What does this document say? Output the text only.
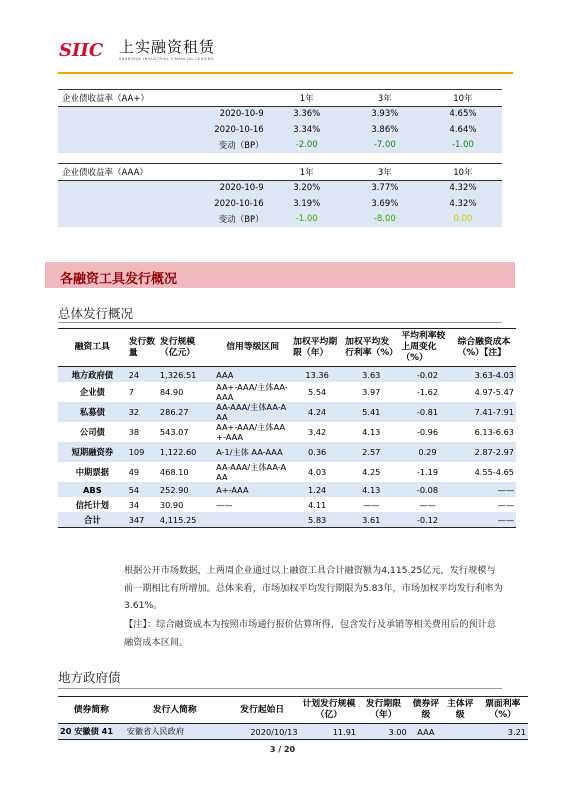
SIIC 上实融资租赁
SHANGHAI INDUSTRIAL FINANCIAL LEASING
企业债收益率（AA+）	1年	3年	10年
2020-10-9	3.36%	3.93%	4.65%
2020-10-16	3.34%	3.86%	4.64%
变动（BP）	-2.00	-7.00	-1.00
企业债收益率（AAA）	1年	3年	10年
2020-10-9	3.20%	3.77%	4.32%
2020-10-16	3.19%	3.69%	4.32%
变动（BP）	-1.00	-8.00	0.00
各融资工具发行概况
总体发行概况
融资工具	发行数量	发行规模（亿元）	信用等级区间	加权平均期限（年）	加权平均发行利率（%）	平均利率较上周变化（%）	综合融资成本（%）【注】
地方政府债	24	1,326.51	AAA	13.36	3.63	-0.02	3.63-4.03
企业债	7	84.90	AA+-AAA/主体AA-AAA	5.54	3.97	-1.62	4.97-5.47
私募债	32	286.27	AA-AAA/主体AA-AAA	4.24	5.41	-0.81	7.41-7.91
公司债	38	543.07	AA+-AAA/主体AA+-AAA	3.42	4.13	-0.96	6.13-6.63
短期融资券	109	1,122.60	A-1/主体 AA-AAA	0.36	2.57	0.29	2.87-2.97
中期票据	49	468.10	AA-AAA/主体AA-AAA	4.03	4.25	-1.19	4.55-4.65
ABS	54	252.90	A+-AAA	1.24	4.13	-0.08	——
信托计划	34	30.90	——	4.11	——	——	——
合计	347	4,115.25		5.83	3.61	-0.12	——
根据公开市场数据，上两周企业通过以上融资工具合计融资额为4,115.25亿元，发行规模与前一期相比有所增加。总体来看，市场加权平均发行期限为5.83年，市场加权平均发行利率为3.61%。
【注】：综合融资成本为按照市场通行报价估算所得，包含发行及承销等相关费用后的预计总融资成本区间。
地方政府债
债券简称	发行人简称	发行起始日	计划发行规模（亿）	发行期限（年）	债券评级	主体评级	票面利率（%）
20 安徽债 41	安徽省人民政府	2020/10/13	11.91	3.00	AAA		3.21
3 / 20
